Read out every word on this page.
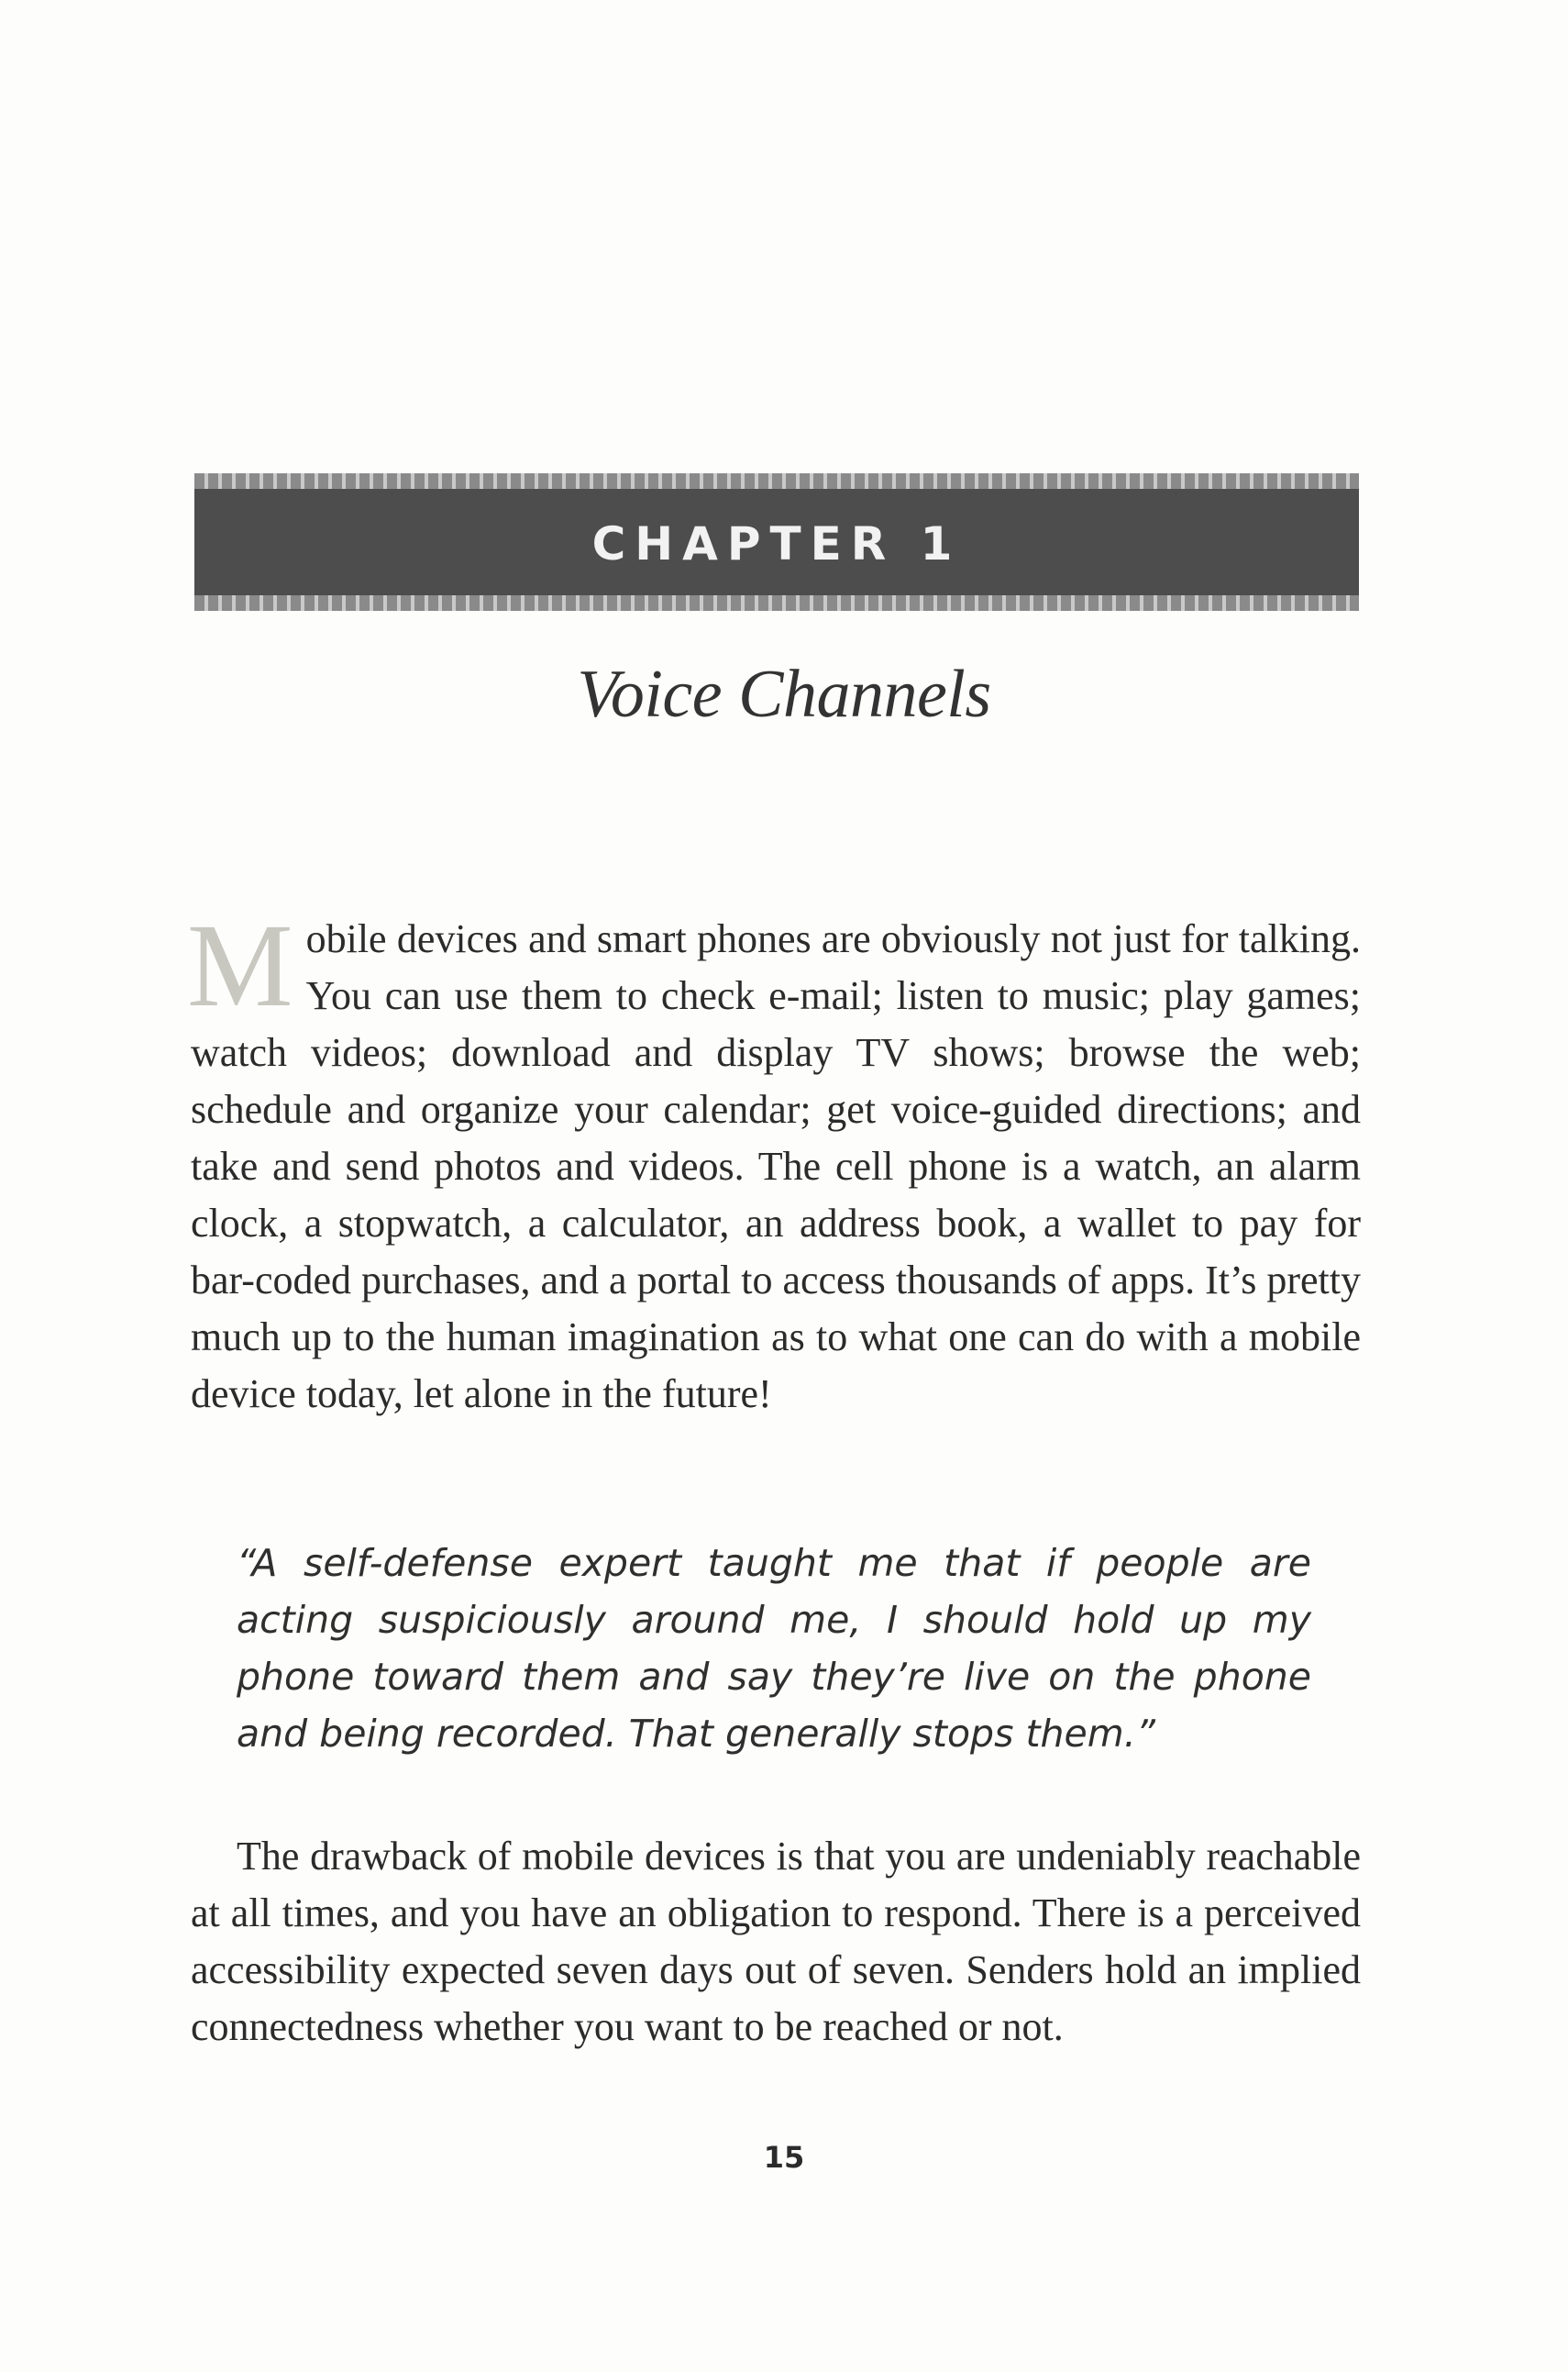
CHAPTER 1
Voice Channels
Mobile devices and smart phones are obviously not just for talking. You can use them to check e-mail; listen to music; play games; watch videos; download and display TV shows; browse the web; schedule and organize your calendar; get voice-guided directions; and take and send photos and videos. The cell phone is a watch, an alarm clock, a stopwatch, a calculator, an address book, a wallet to pay for bar-coded purchases, and a portal to access thousands of apps. It’s pretty much up to the human imagination as to what one can do with a mobile device today, let alone in the future!
“A self-defense expert taught me that if people are acting suspiciously around me, I should hold up my phone toward them and say they’re live on the phone and being recorded. That generally stops them.”
The drawback of mobile devices is that you are undeniably reachable at all times, and you have an obligation to respond. There is a perceived accessibility expected seven days out of seven. Senders hold an implied connectedness whether you want to be reached or not.
15
